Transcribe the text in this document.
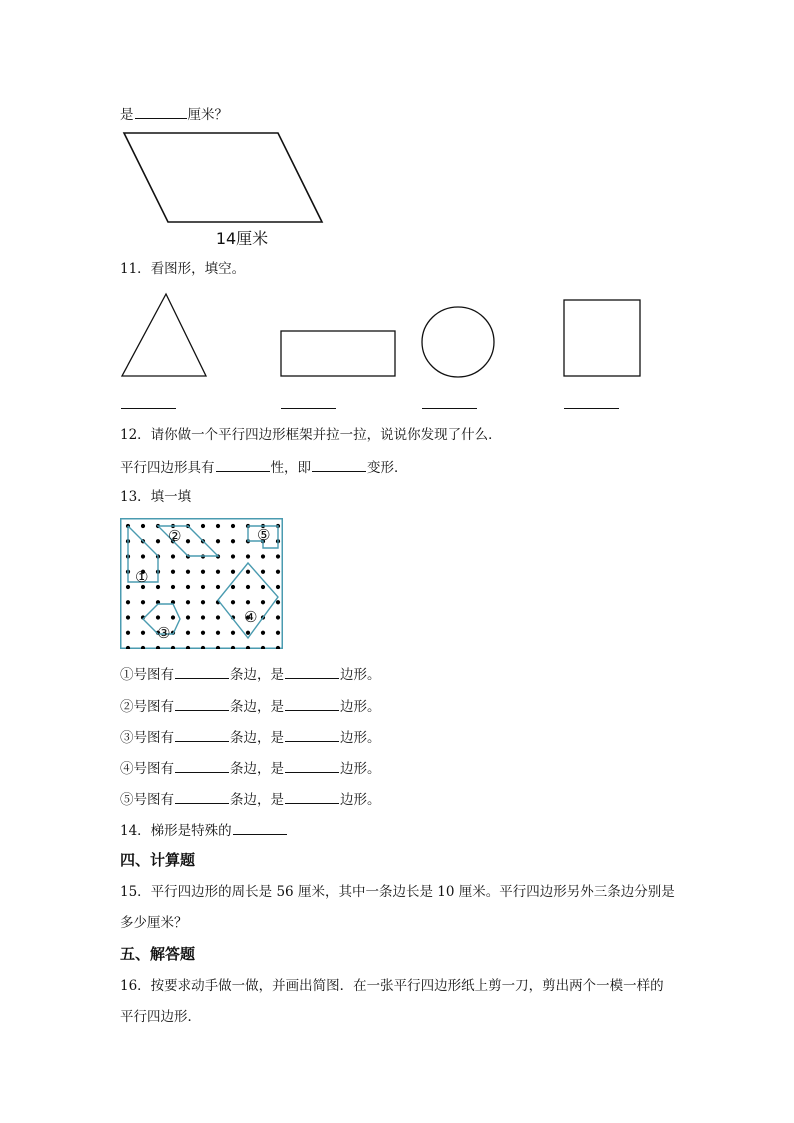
是	厘米？
14厘米
11．看图形，填空。
12．请你做一个平行四边形框架并拉一拉，说说你发现了什么．
平行四边形具有	性，即	变形．
13．填一填
①
②
③
④
⑤
①号图有	条边，是	边形。
②号图有	条边，是	边形。
③号图有	条边，是	边形。
④号图有	条边，是	边形。
⑤号图有	条边，是	边形。
14．梯形是特殊的
四、计算题
15．平行四边形的周长是 56 厘米，其中一条边长是 10 厘米。平行四边形另外三条边分别是
多少厘米？
五、解答题
16．按要求动手做一做，并画出简图．在一张平行四边形纸上剪一刀，剪出两个一模一样的
平行四边形．
